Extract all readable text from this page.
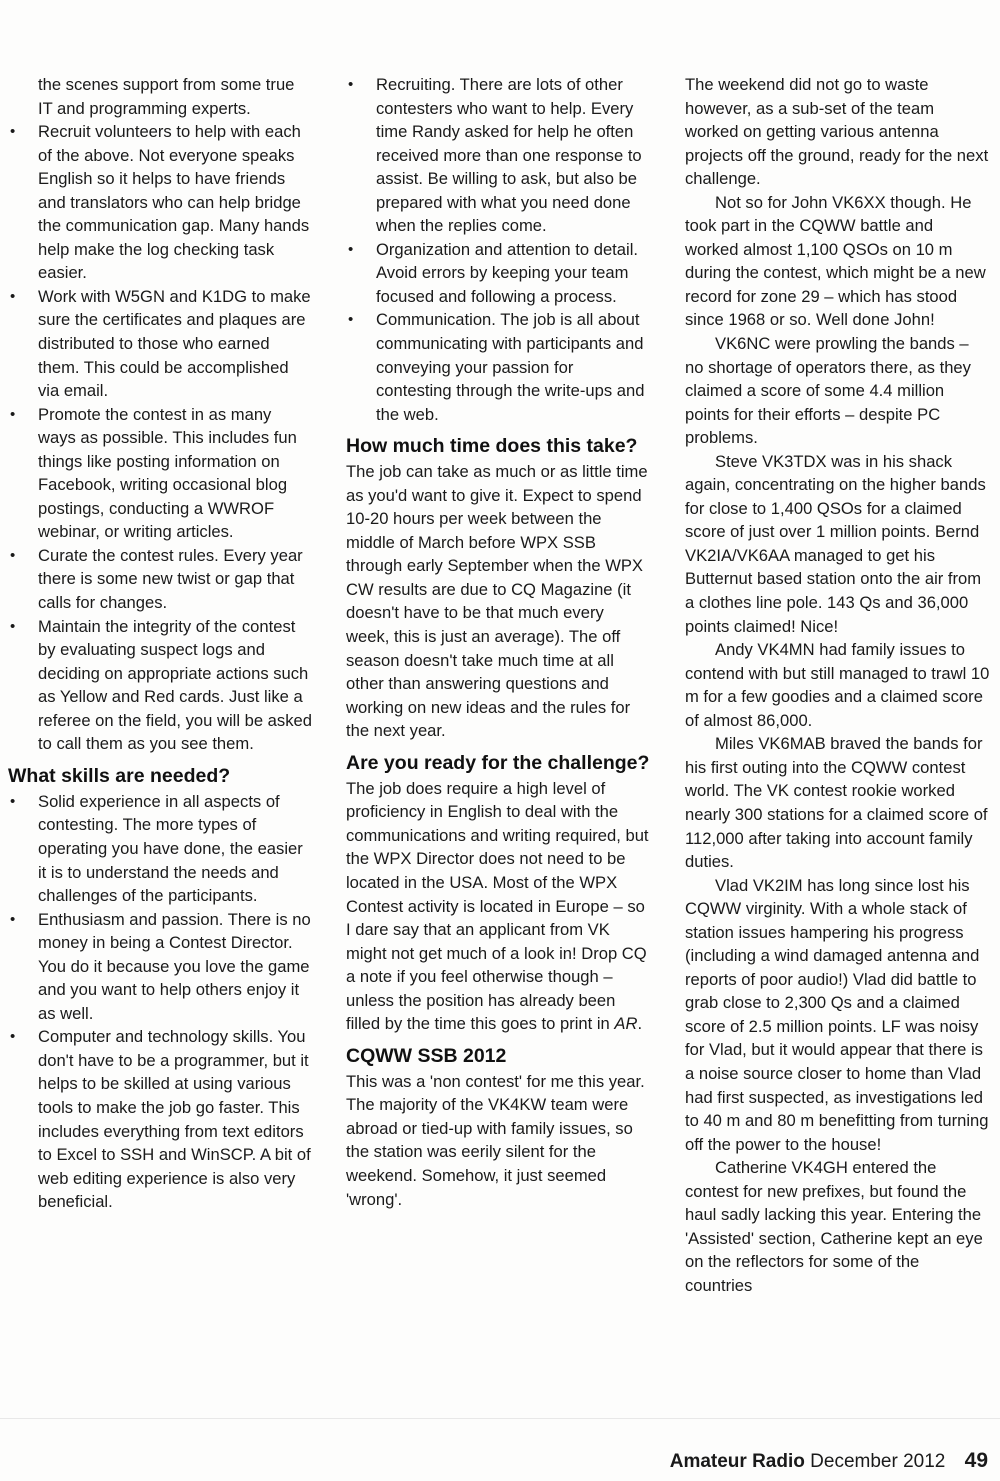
the scenes support from some true IT and programming experts.

• Recruit volunteers to help with each of the above. Not everyone speaks English so it helps to have friends and translators who can help bridge the communication gap. Many hands help make the log checking task easier.
• Work with W5GN and K1DG to make sure the certificates and plaques are distributed to those who earned them. This could be accomplished via email.
• Promote the contest in as many ways as possible. This includes fun things like posting information on Facebook, writing occasional blog postings, conducting a WWROF webinar, or writing articles.
• Curate the contest rules. Every year there is some new twist or gap that calls for changes.
• Maintain the integrity of the contest by evaluating suspect logs and deciding on appropriate actions such as Yellow and Red cards. Just like a referee on the field, you will be asked to call them as you see them.
What skills are needed?
• Solid experience in all aspects of contesting. The more types of operating you have done, the easier it is to understand the needs and challenges of the participants.
• Enthusiasm and passion. There is no money in being a Contest Director. You do it because you love the game and you want to help others enjoy it as well.
• Computer and technology skills. You don't have to be a programmer, but it helps to be skilled at using various tools to make the job go faster. This includes everything from text editors to Excel to SSH and WinSCP. A bit of web editing experience is also very beneficial.
• Recruiting. There are lots of other contesters who want to help. Every time Randy asked for help he often received more than one response to assist. Be willing to ask, but also be prepared with what you need done when the replies come.
• Organization and attention to detail. Avoid errors by keeping your team focused and following a process.
• Communication. The job is all about communicating with participants and conveying your passion for contesting through the write-ups and the web.
How much time does this take?

The job can take as much or as little time as you'd want to give it. Expect to spend 10-20 hours per week between the middle of March before WPX SSB through early September when the WPX CW results are due to CQ Magazine (it doesn't have to be that much every week, this is just an average). The off season doesn't take much time at all other than answering questions and working on new ideas and the rules for the next year.

Are you ready for the challenge?

The job does require a high level of proficiency in English to deal with the communications and writing required, but the WPX Director does not need to be located in the USA. Most of the WPX Contest activity is located in Europe – so I dare say that an applicant from VK might not get much of a look in! Drop CQ a note if you feel otherwise though – unless the position has already been filled by the time this goes to print in AR.

CQWW SSB 2012

This was a 'non contest' for me this year. The majority of the VK4KW team were abroad or tied-up with family issues, so the station was eerily silent for the weekend. Somehow, it just seemed 'wrong'.

The weekend did not go to waste however, as a sub-set of the team worked on getting various antenna projects off the ground, ready for the next challenge.

Not so for John VK6XX though. He took part in the CQWW battle and worked almost 1,100 QSOs on 10 m during the contest, which might be a new record for zone 29 – which has stood since 1968 or so. Well done John!

VK6NC were prowling the bands – no shortage of operators there, as they claimed a score of some 4.4 million points for their efforts – despite PC problems.

Steve VK3TDX was in his shack again, concentrating on the higher bands for close to 1,400 QSOs for a claimed score of just over 1 million points. Bernd VK2IA/VK6AA managed to get his Butternut based station onto the air from a clothes line pole. 143 Qs and 36,000 points claimed! Nice!

Andy VK4MN had family issues to contend with but still managed to trawl 10 m for a few goodies and a claimed score of almost 86,000.

Miles VK6MAB braved the bands for his first outing into the CQWW contest world. The VK contest rookie worked nearly 300 stations for a claimed score of 112,000 after taking into account family duties.

Vlad VK2IM has long since lost his CQWW virginity. With a whole stack of station issues hampering his progress (including a wind damaged antenna and reports of poor audio!) Vlad did battle to grab close to 2,300 Qs and a claimed score of 2.5 million points. LF was noisy for Vlad, but it would appear that there is a noise source closer to home than Vlad had first suspected, as investigations led to 40 m and 80 m benefitting from turning off the power to the house!

Catherine VK4GH entered the contest for new prefixes, but found the haul sadly lacking this year. Entering the 'Assisted' section, Catherine kept an eye on the reflectors for some of the countries

Amateur Radio December 2012 49
